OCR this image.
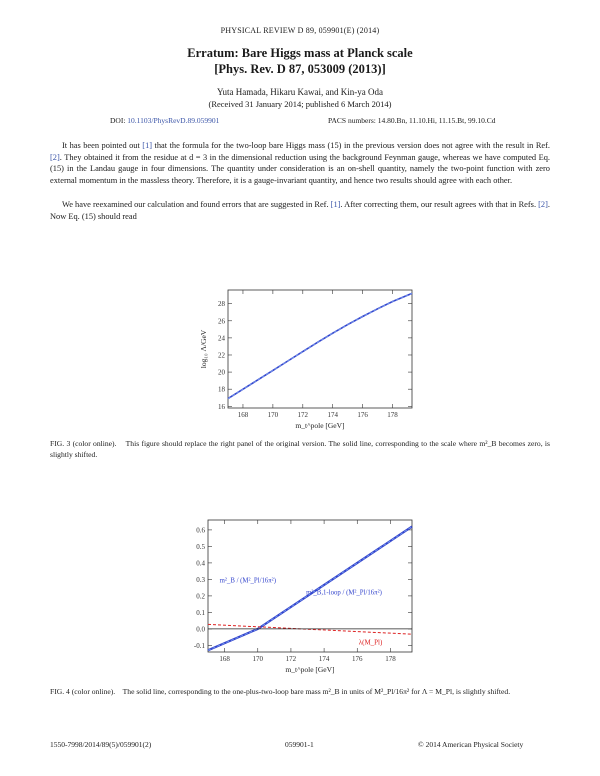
PHYSICAL REVIEW D 89, 059901(E) (2014)
Erratum: Bare Higgs mass at Planck scale
[Phys. Rev. D 87, 053009 (2013)]
Yuta Hamada, Hikaru Kawai, and Kin-ya Oda
(Received 31 January 2014; published 6 March 2014)
DOI: 10.1103/PhysRevD.89.059901	PACS numbers: 14.80.Bn, 11.10.Hi, 11.15.Bt, 99.10.Cd

It has been pointed out [1] that the formula for the two-loop bare Higgs mass (15) in the previous version does not agree with the result in Ref. [2]. They obtained it from the residue at d = 3 in the dimensional reduction using the background Feynman gauge, whereas we have computed Eq. (15) in the Landau gauge in four dimensions. The quantity under consideration is an on-shell quantity, namely the two-point function with zero external momentum in the massless theory. Therefore, it is a gauge-invariant quantity, and hence two results should agree with each other.

We have reexamined our calculation and found errors that are suggested in Ref. [1]. After correcting them, our result agrees with that in Refs. [2]. Now Eq. (15) should read

168	170	172	174	176	178
16
18
20
22
24
26
28
m_t^pole [GeV]
log₁₀ Λ/GeV

FIG. 3 (color online). This figure should replace the right panel of the original version. The solid line, corresponding to the scale where m²_B becomes zero, is slightly shifted.

168	170	172	174	176	178
-0.1
0.0
0.1
0.2
0.3
0.4
0.5
0.6
m_t^pole [GeV]
m²_B / (M²_Pl/16π²)
m²_B,1-loop / (M²_Pl/16π²)
λ(M_Pl)

FIG. 4 (color online). The solid line, corresponding to the one-plus-two-loop bare mass m²_B in units of M²_Pl/16π² for Λ = M_Pl, is slightly shifted.

1550-7998/2014/89(5)/059901(2)	059901-1	© 2014 American Physical Society
